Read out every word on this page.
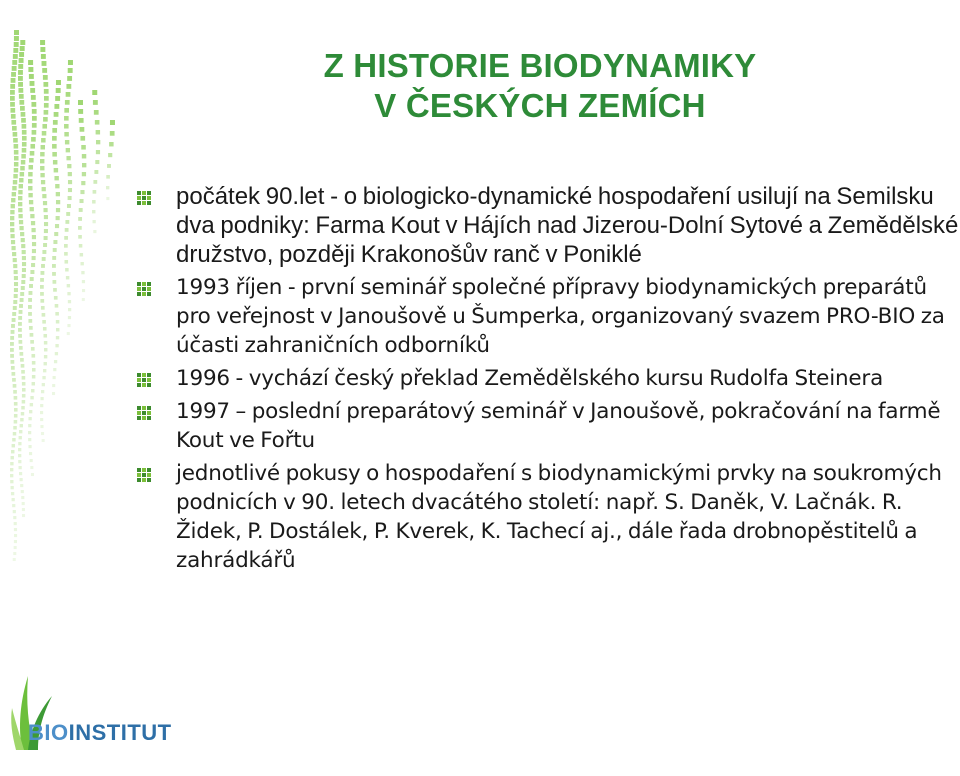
Z HISTORIE BIODYNAMIKY
V ČESKÝCH ZEMÍCH
počátek 90.let - o biologicko-dynamické hospodaření usilují na Semilsku dva podniky: Farma Kout v Hájích nad Jizerou-Dolní Sytové a Zemědělské družstvo, později Krakonošův ranč v Poniklé
1993 říjen - první seminář společné přípravy biodynamických preparátů pro veřejnost v Janoušově u Šumperka, organizovaný svazem PRO-BIO za účasti zahraničních odborníků
1996 - vychází český překlad Zemědělského kursu Rudolfa Steinera
1997 – poslední preparátový seminář v Janoušově, pokračování na farmě Kout ve Fořtu
jednotlivé pokusy o hospodaření s biodynamickými prvky na soukromých podnicích v 90. letech dvacátého století: např. S. Daněk, V. Lačnák. R. Židek, P. Dostálek, P. Kverek, K. Tachecí aj., dále řada drobnopěstitelů a zahrádkářů
BIOINSTITUT
